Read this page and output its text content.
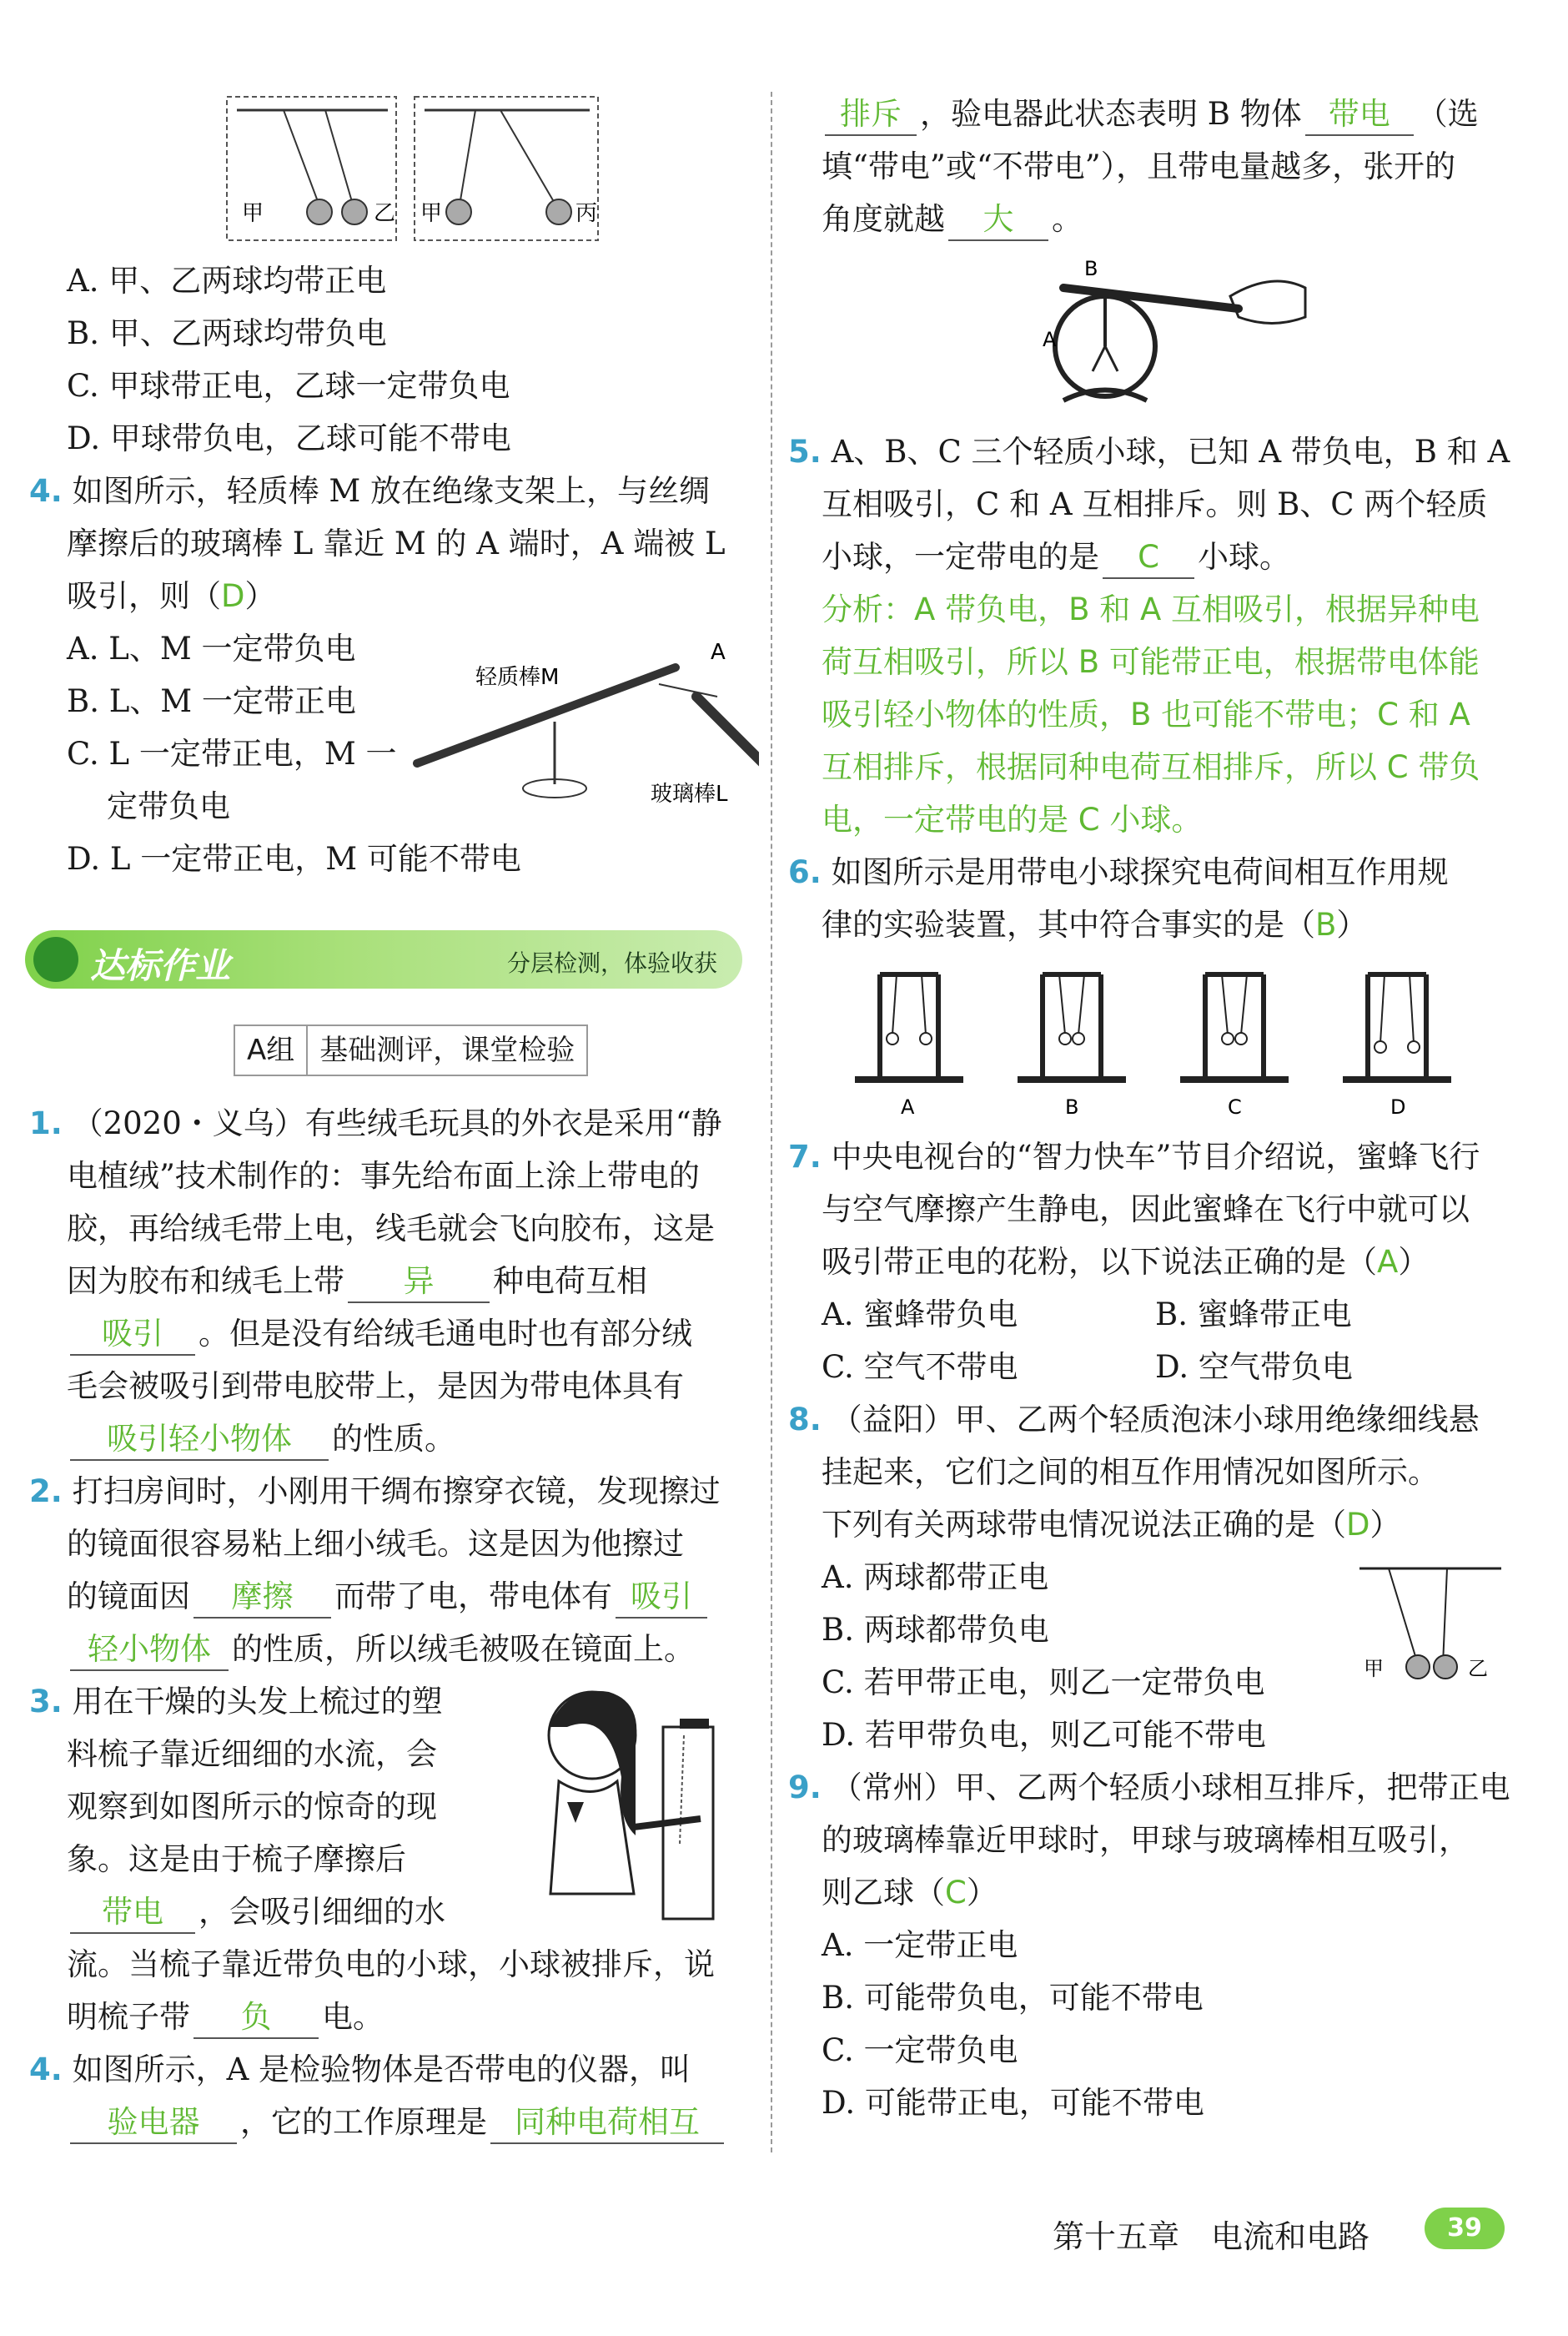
甲	乙 甲	丙
A. 甲、乙两球均带正电
B. 甲、乙两球均带负电
C. 甲球带正电，乙球一定带负电
D. 甲球带负电，乙球可能不带电
4. 如图所示，轻质棒 M 放在绝缘支架上，与丝绸
摩擦后的玻璃棒 L 靠近 M 的 A 端时，A 端被 L
吸引，则（D）
A. L、M 一定带负电
B. L、M 一定带正电
C. L 一定带正电，M 一
定带负电
D. L 一定带正电，M 可能不带电
轻质棒M
A
玻璃棒L
达标作业	分层检测，体验收获
A组 基础测评，课堂检验
1. （2020・义乌）有些绒毛玩具的外衣是采用“静
电植绒”技术制作的：事先给布面上涂上带电的
胶，再给绒毛带上电，线毛就会飞向胶布，这是
因为胶布和绒毛上带 异 种电荷互相
吸引 。但是没有给绒毛通电时也有部分绒
毛会被吸引到带电胶带上，是因为带电体具有
吸引轻小物体 的性质。
2. 打扫房间时，小刚用干绸布擦穿衣镜，发现擦过
的镜面很容易粘上细小绒毛。这是因为他擦过
的镜面因 摩擦 而带了电，带电体有 吸引
轻小物体 的性质，所以绒毛被吸在镜面上。
3. 用在干燥的头发上梳过的塑
料梳子靠近细细的水流，会
观察到如图所示的惊奇的现
象。这是由于梳子摩擦后
带电 ，会吸引细细的水
流。当梳子靠近带负电的小球，小球被排斥，说
明梳子带 负 电。
4. 如图所示，A 是检验物体是否带电的仪器，叫
验电器 ，它的工作原理是 同种电荷相互
排斥 ，验电器此状态表明 B 物体 带电 （选
填“带电”或“不带电”），且带电量越多，张开的
角度就越 大 。
A
B
5. A、B、C 三个轻质小球，已知 A 带负电，B 和 A
互相吸引，C 和 A 互相排斥。则 B、C 两个轻质
小球，一定带电的是 C 小球。
分析：A 带负电，B 和 A 互相吸引，根据异种电
荷互相吸引，所以 B 可能带正电，根据带电体能
吸引轻小物体的性质，B 也可能不带电；C 和 A
互相排斥，根据同种电荷互相排斥，所以 C 带负
电，一定带电的是 C 小球。
6. 如图所示是用带电小球探究电荷间相互作用规
律的实验装置，其中符合事实的是（B）
A	B	C	D
7. 中央电视台的“智力快车”节目介绍说，蜜蜂飞行
与空气摩擦产生静电，因此蜜蜂在飞行中就可以
吸引带正电的花粉，以下说法正确的是（A）
A. 蜜蜂带负电	B. 蜜蜂带正电
C. 空气不带电	D. 空气带负电
8. （益阳）甲、乙两个轻质泡沫小球用绝缘细线悬
挂起来，它们之间的相互作用情况如图所示。
下列有关两球带电情况说法正确的是（D）
A. 两球都带正电
B. 两球都带负电
C. 若甲带正电，则乙一定带负电
D. 若甲带负电，则乙可能不带电
甲	乙
9. （常州）甲、乙两个轻质小球相互排斥，把带正电
的玻璃棒靠近甲球时，甲球与玻璃棒相互吸引，
则乙球（C）
A. 一定带正电
B. 可能带负电，可能不带电
C. 一定带负电
D. 可能带正电，可能不带电
第十五章　电流和电路	39
